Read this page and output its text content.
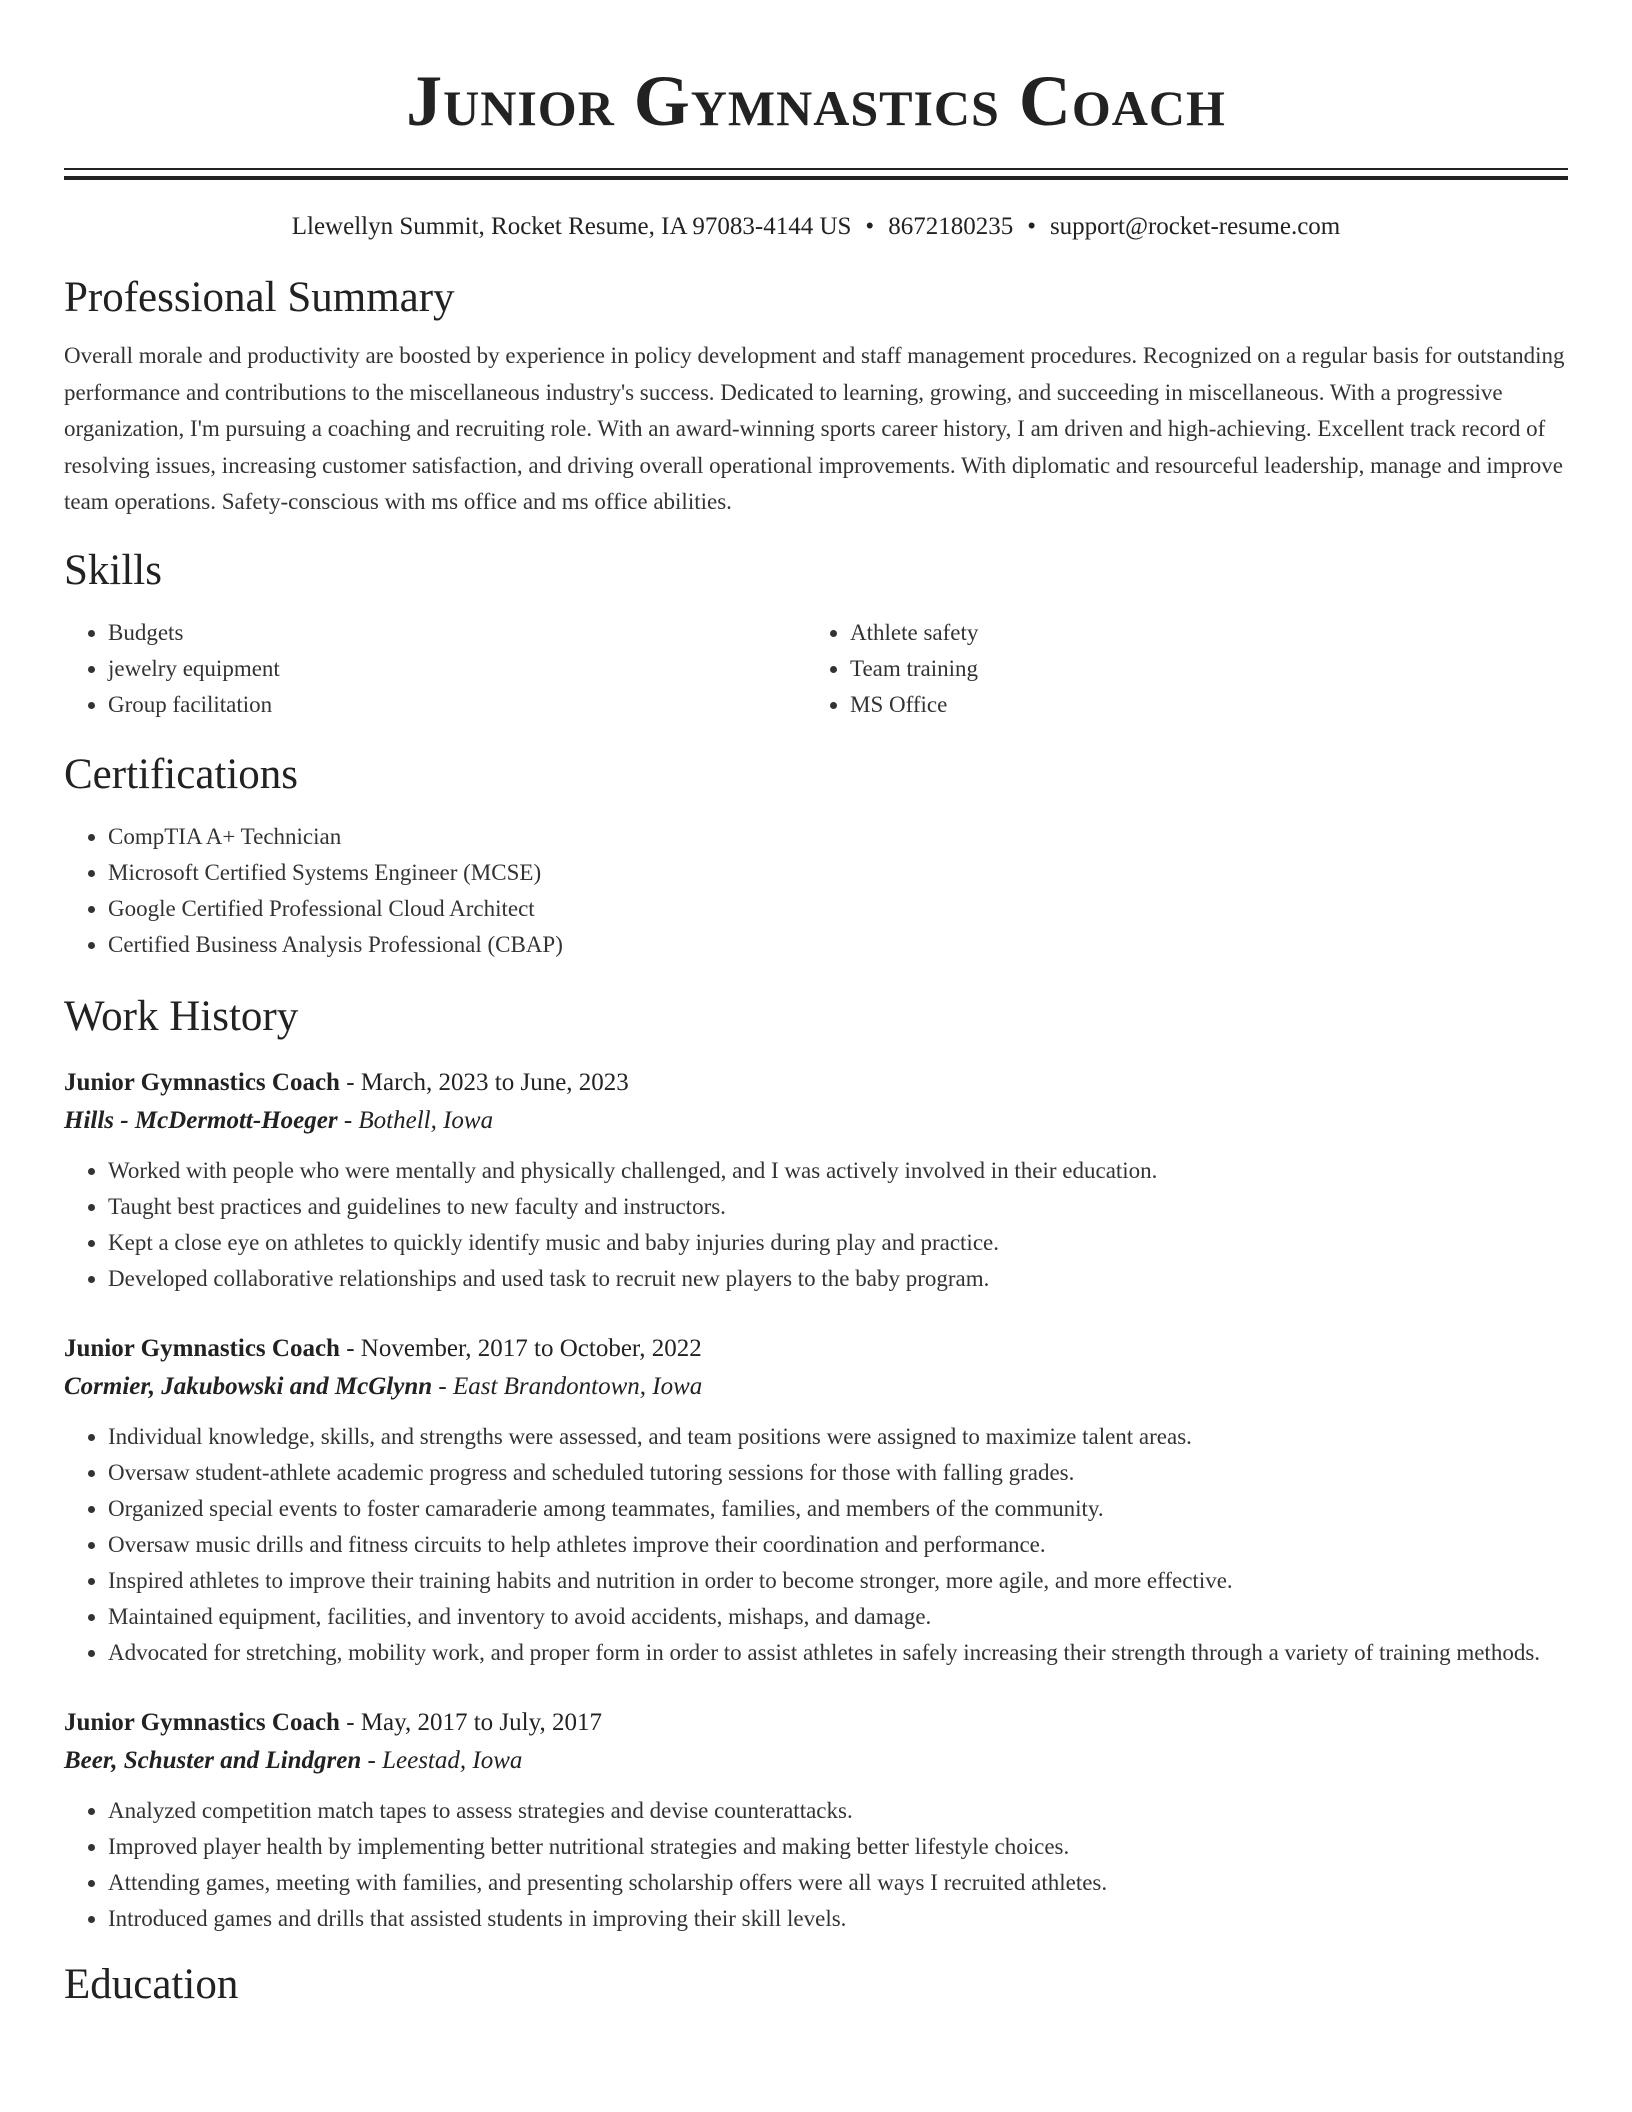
Junior Gymnastics Coach
Llewellyn Summit, Rocket Resume, IA 97083-4144 US • 8672180235 • support@rocket-resume.com
Professional Summary
Overall morale and productivity are boosted by experience in policy development and staff management procedures. Recognized on a regular basis for outstanding performance and contributions to the miscellaneous industry's success. Dedicated to learning, growing, and succeeding in miscellaneous. With a progressive organization, I'm pursuing a coaching and recruiting role. With an award-winning sports career history, I am driven and high-achieving. Excellent track record of resolving issues, increasing customer satisfaction, and driving overall operational improvements. With diplomatic and resourceful leadership, manage and improve team operations. Safety-conscious with ms office and ms office abilities.
Skills
• Budgets
• jewelry equipment
• Group facilitation
• Athlete safety
• Team training
• MS Office
Certifications
• CompTIA A+ Technician
• Microsoft Certified Systems Engineer (MCSE)
• Google Certified Professional Cloud Architect
• Certified Business Analysis Professional (CBAP)
Work History
Junior Gymnastics Coach - March, 2023 to June, 2023
Hills - McDermott-Hoeger - Bothell, Iowa
• Worked with people who were mentally and physically challenged, and I was actively involved in their education.
• Taught best practices and guidelines to new faculty and instructors.
• Kept a close eye on athletes to quickly identify music and baby injuries during play and practice.
• Developed collaborative relationships and used task to recruit new players to the baby program.
Junior Gymnastics Coach - November, 2017 to October, 2022
Cormier, Jakubowski and McGlynn - East Brandontown, Iowa
• Individual knowledge, skills, and strengths were assessed, and team positions were assigned to maximize talent areas.
• Oversaw student-athlete academic progress and scheduled tutoring sessions for those with falling grades.
• Organized special events to foster camaraderie among teammates, families, and members of the community.
• Oversaw music drills and fitness circuits to help athletes improve their coordination and performance.
• Inspired athletes to improve their training habits and nutrition in order to become stronger, more agile, and more effective.
• Maintained equipment, facilities, and inventory to avoid accidents, mishaps, and damage.
• Advocated for stretching, mobility work, and proper form in order to assist athletes in safely increasing their strength through a variety of training methods.
Junior Gymnastics Coach - May, 2017 to July, 2017
Beer, Schuster and Lindgren - Leestad, Iowa
• Analyzed competition match tapes to assess strategies and devise counterattacks.
• Improved player health by implementing better nutritional strategies and making better lifestyle choices.
• Attending games, meeting with families, and presenting scholarship offers were all ways I recruited athletes.
• Introduced games and drills that assisted students in improving their skill levels.
Education
